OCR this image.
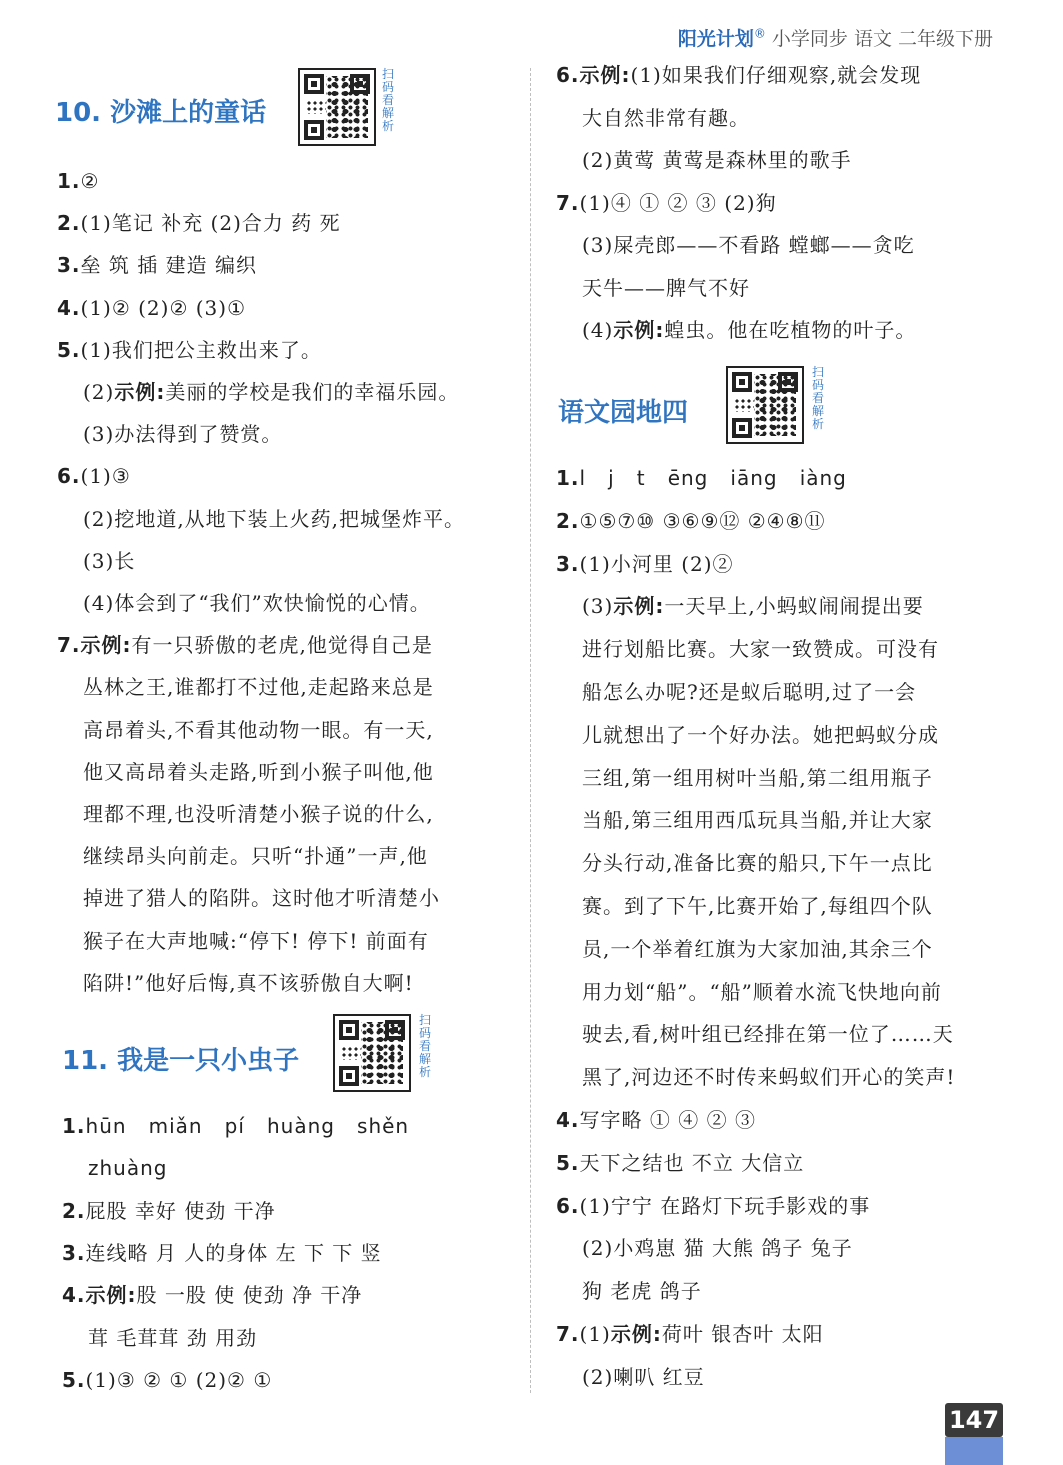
阳光计划® 小学同步 语文 二年级下册
10. 沙滩上的童话
扫
码
看
解
析
1.②
2.(1)笔记 补充 (2)合力 药 死
3.垒 筑 插 建造 编织
4.(1)② (2)② (3)①
5.(1)我们把公主救出来了。
(2)示例:美丽的学校是我们的幸福乐园。
(3)办法得到了赞赏。
6.(1)③
(2)挖地道,从地下装上火药,把城堡炸平。
(3)长
(4)体会到了“我们”欢快愉悦的心情。
7.示例:有一只骄傲的老虎,他觉得自己是
丛林之王,谁都打不过他,走起路来总是
高昂着头,不看其他动物一眼。有一天,
他又高昂着头走路,听到小猴子叫他,他
理都不理,也没听清楚小猴子说的什么,
继续昂头向前走。只听“扑通”一声,他
掉进了猎人的陷阱。这时他才听清楚小
猴子在大声地喊:“停下! 停下! 前面有
陷阱!”他好后悔,真不该骄傲自大啊!
11. 我是一只小虫子
扫
码
看
解
析
1.hūn   miǎn   pí   huàng   shěn
zhuàng
2.屁股 幸好 使劲 干净
3.连线略 月 人的身体 左 下 下 竖
4.示例:股 一股 使 使劲 净 干净
茸 毛茸茸 劲 用劲
5.(1)③ ② ① (2)② ①
6.示例:(1)如果我们仔细观察,就会发现
大自然非常有趣。
(2)黄莺 黄莺是森林里的歌手
7.(1)④ ① ② ③ (2)狗
(3)屎壳郎——不看路 螳螂——贪吃
天牛——脾气不好
(4)示例:蝗虫。他在吃植物的叶子。
语文园地四
扫
码
看
解
析
1.l   j   t   ēng   iāng   iàng
2.①⑤⑦⑩ ③⑥⑨⑫ ②④⑧⑪
3.(1)小河里 (2)②
(3)示例:一天早上,小蚂蚁闹闹提出要
进行划船比赛。大家一致赞成。可没有
船怎么办呢?还是蚁后聪明,过了一会
儿就想出了一个好办法。她把蚂蚁分成
三组,第一组用树叶当船,第二组用瓶子
当船,第三组用西瓜玩具当船,并让大家
分头行动,准备比赛的船只,下午一点比
赛。到了下午,比赛开始了,每组四个队
员,一个举着红旗为大家加油,其余三个
用力划“船”。“船”顺着水流飞快地向前
驶去,看,树叶组已经排在第一位了……天
黑了,河边还不时传来蚂蚁们开心的笑声!
4.写字略 ① ④ ② ③
5.天下之结也 不立 大信立
6.(1)宁宁 在路灯下玩手影戏的事
(2)小鸡崽 猫 大熊 鸽子 兔子
狗 老虎 鸽子
7.(1)示例:荷叶 银杏叶 太阳
(2)喇叭 红豆
147
